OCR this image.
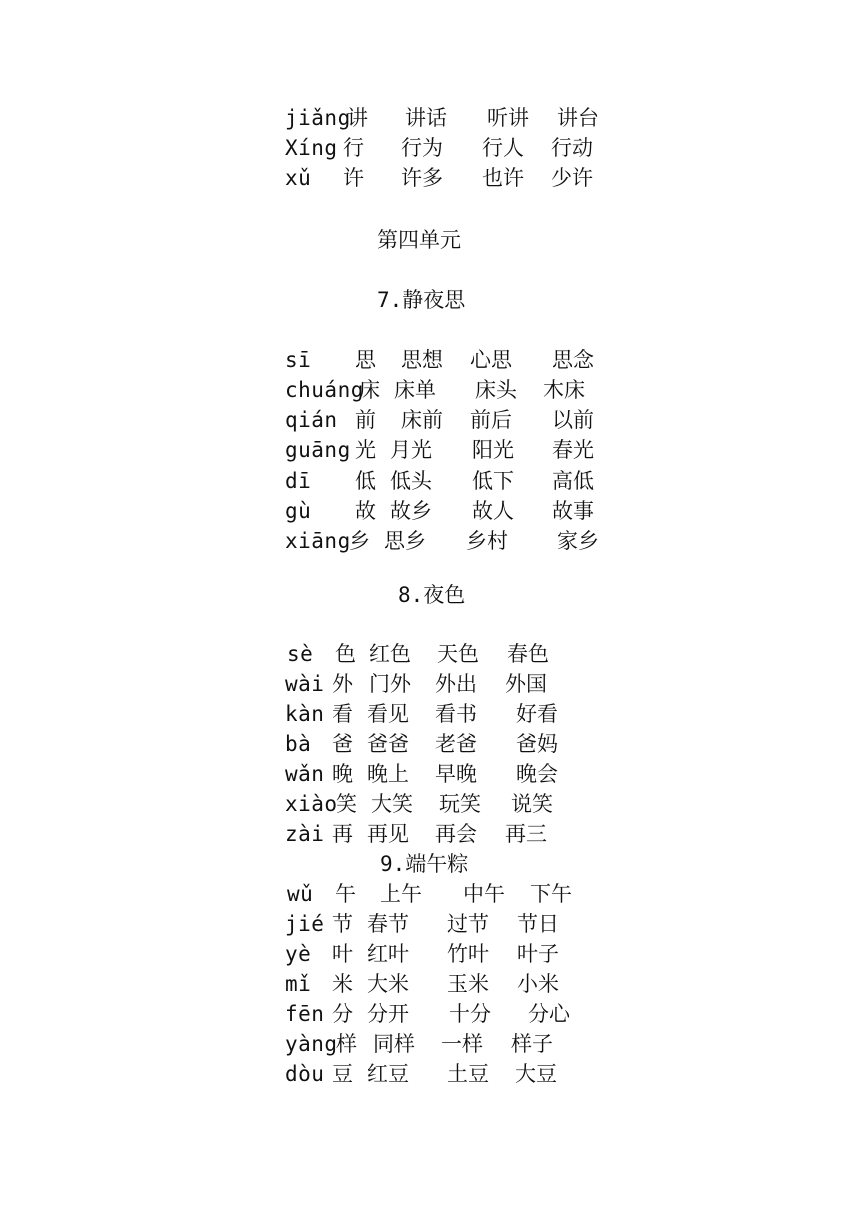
jiǎng
讲 讲话 听讲 讲台
Xíng 行 行为 行人 行动
xǔ 许 许多 也许 少许
第四单元
7.静夜思
sī 思 思想 心思 思念
chuáng
床 床单 床头 木床
qián 前 床前 前后 以前
guāng 光 月光 阳光 春光
dī 低 低头 低下 高低
gù 故 故乡 故人 故事
xiāng
乡 思乡 乡村 家乡
8.夜色
sè 色 红色 天色 春色
wài 外 门外 外出 外国
kàn 看 看见 看书 好看
bà 爸 爸爸 老爸 爸妈
wǎn 晚 晚上 早晚 晚会
xiào
笑 大笑 玩笑 说笑
zài 再 再见 再会 再三
9.端午粽
wǔ 午 上午 中午 下午
jié 节 春节 过节 节日
yè 叶 红叶 竹叶 叶子
mǐ 米 大米 玉米 小米
fēn 分 分开 十分 分心
yàng
样 同样 一样 样子
dòu 豆 红豆 土豆 大豆
